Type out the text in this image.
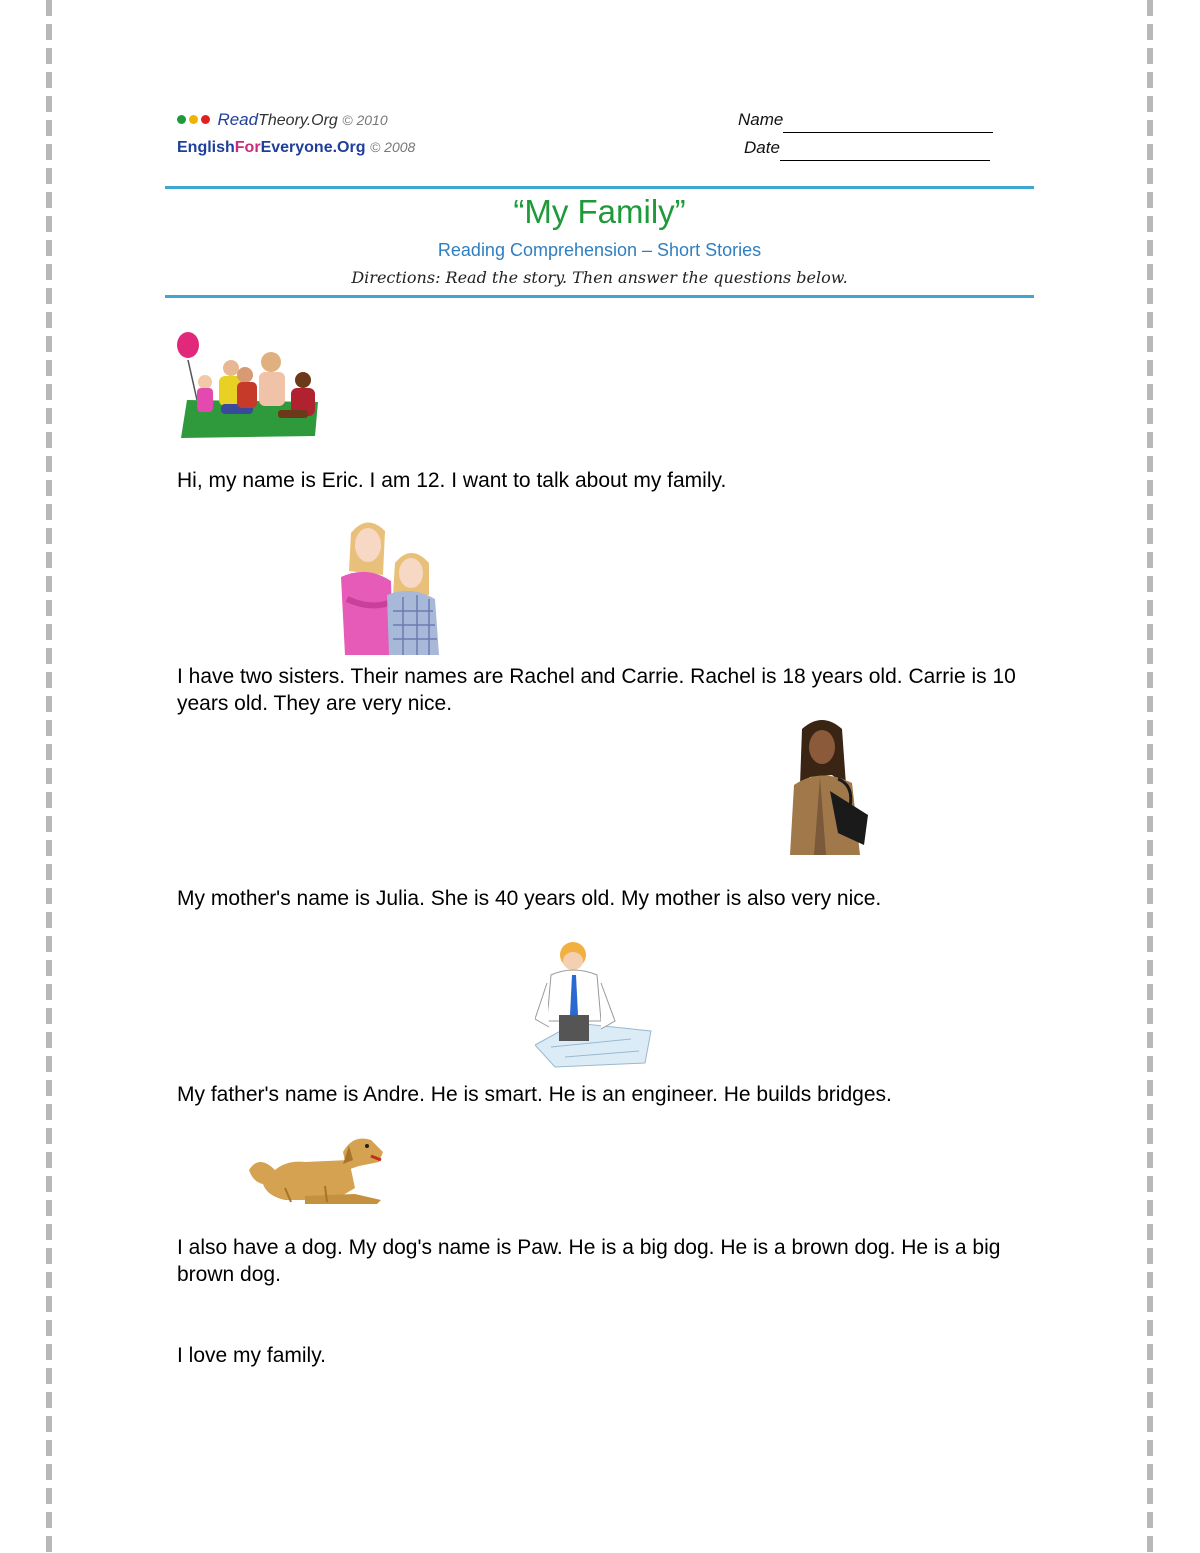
ReadTheory.Org © 2010
EnglishForEveryone.Org © 2008
Name
Date
“My Family”
Reading Comprehension – Short Stories
Directions: Read the story. Then answer the questions below.

Hi, my name is Eric. I am 12. I want to talk about my family.

I have two sisters. Their names are Rachel and Carrie. Rachel is 18 years old. Carrie is 10 years old. They are very nice.

My mother's name is Julia. She is 40 years old. My mother is also very nice.

My father's name is Andre. He is smart. He is an engineer. He builds bridges.

I also have a dog. My dog's name is Paw. He is a big dog. He is a brown dog. He is a big brown dog.

I love my family.
